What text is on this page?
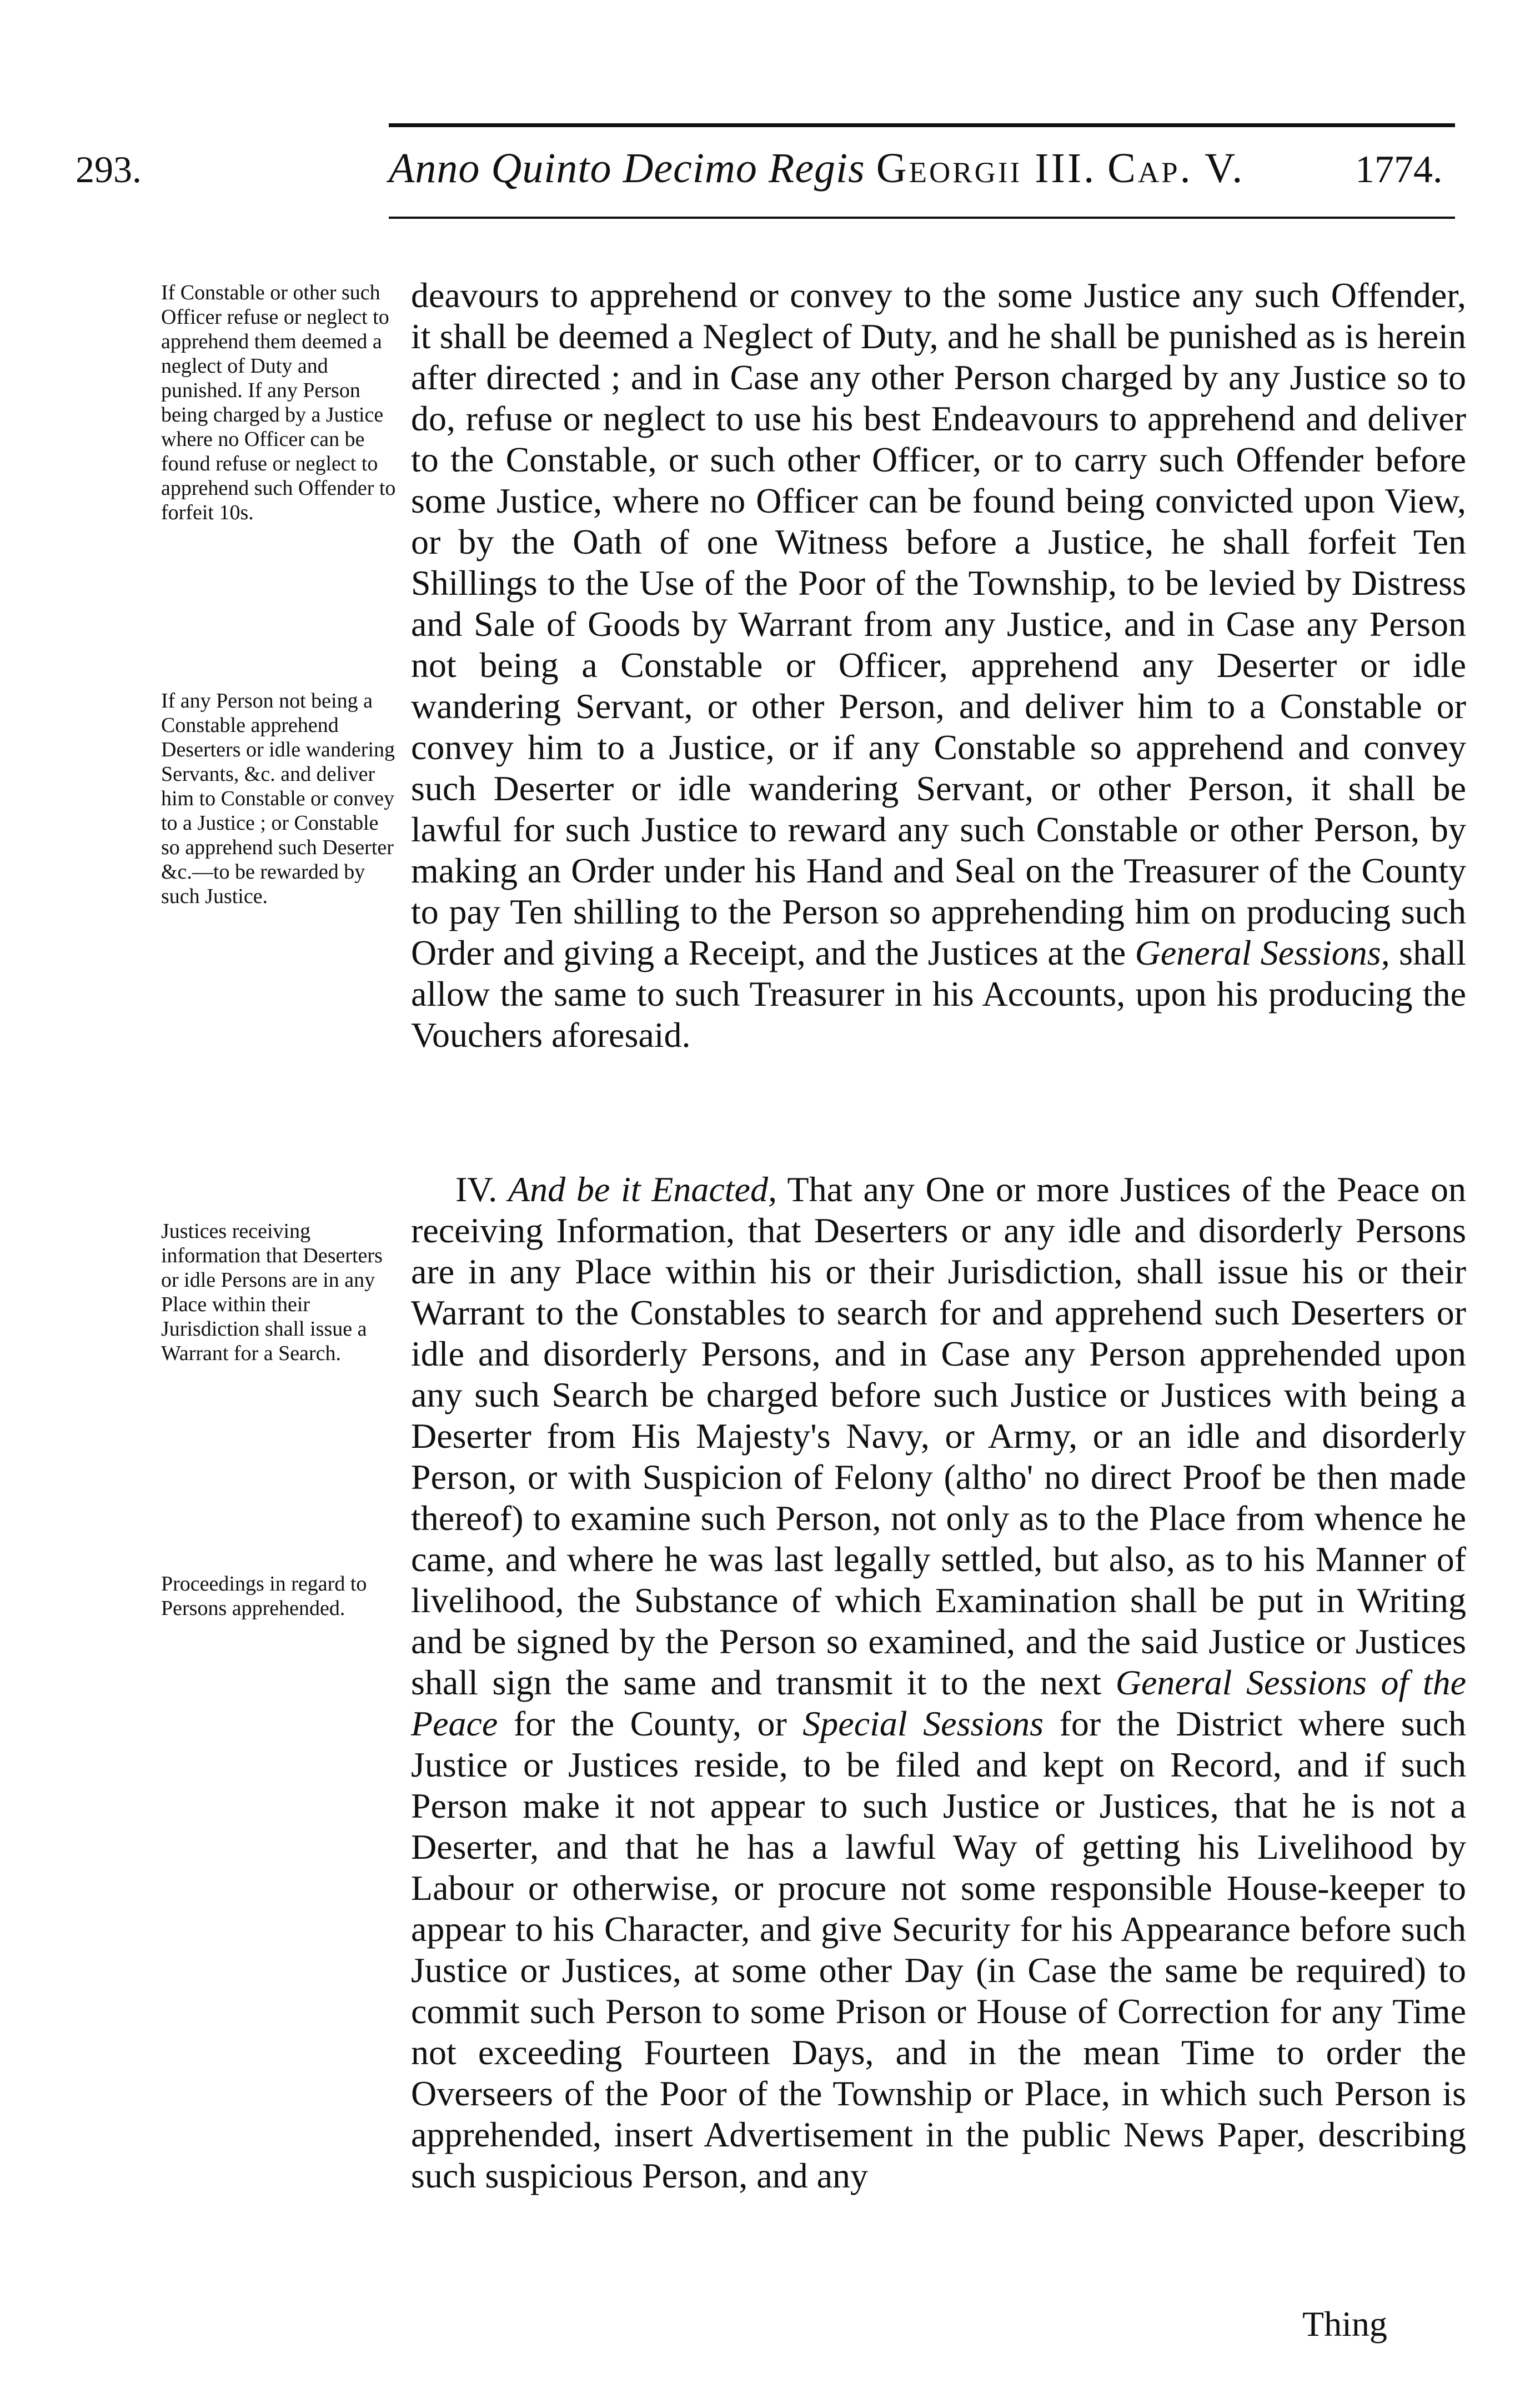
293.	Anno Quinto Decimo Regis Georgii III. Cap. V.	1774.
If Constable or other such Officer refuse or neglect to apprehend them deemed a neglect of Duty and punished. If any Person being charged by a Justice where no Officer can be found refuse or neglect to apprehend such Offender to forfeit 10s.
If any Person not being a Constable apprehend Deserters or idle wandering Servants, &c. and deliver him to Constable or convey to a Justice ; or Constable so apprehend such Deserter &c.—to be rewarded by such Justice.
Justices receiving information that Deserters or idle Persons are in any Place within their Jurisdiction shall issue a Warrant for a Search.
Proceedings in regard to Persons apprehended.
deavours to apprehend or convey to the some Justice any such Offender, it shall be deemed a Neglect of Duty, and he shall be punished as is herein after directed ; and in Case any other Person charged by any Justice so to do, refuse or neglect to use his best Endeavours to apprehend and deliver to the Constable, or such other Officer, or to carry such Offender before some Justice, where no Officer can be found being convicted upon View, or by the Oath of one Witness before a Justice, he shall forfeit Ten Shillings to the Use of the Poor of the Township, to be levied by Distress and Sale of Goods by Warrant from any Justice, and in Case any Person not being a Constable or Officer, apprehend any Deserter or idle wandering Servant, or other Person, and deliver him to a Constable or convey him to a Justice, or if any Constable so apprehend and convey such Deserter or idle wandering Servant, or other Person, it shall be lawful for such Justice to reward any such Constable or other Person, by making an Order under his Hand and Seal on the Treasurer of the County to pay Ten shilling to the Person so apprehending him on producing such Order and giving a Receipt, and the Justices at the General Sessions, shall allow the same to such Treasurer in his Accounts, upon his producing the Vouchers aforesaid.
IV. And be it Enacted, That any One or more Justices of the Peace on receiving Information, that Deserters or any idle and disorderly Persons are in any Place within his or their Jurisdiction, shall issue his or their Warrant to the Constables to search for and apprehend such Deserters or idle and disorderly Persons, and in Case any Person apprehended upon any such Search be charged before such Justice or Justices with being a Deserter from His Majesty's Navy, or Army, or an idle and disorderly Person, or with Suspicion of Felony (altho' no direct Proof be then made thereof) to examine such Person, not only as to the Place from whence he came, and where he was last legally settled, but also, as to his Manner of livelihood, the Substance of which Examination shall be put in Writing and be signed by the Person so examined, and the said Justice or Justices shall sign the same and transmit it to the next General Sessions of the Peace for the County, or Special Sessions for the District where such Justice or Justices reside, to be filed and kept on Record, and if such Person make it not appear to such Justice or Justices, that he is not a Deserter, and that he has a lawful Way of getting his Livelihood by Labour or otherwise, or procure not some responsible House-keeper to appear to his Character, and give Security for his Appearance before such Justice or Justices, at some other Day (in Case the same be required) to commit such Person to some Prison or House of Correction for any Time not exceeding Fourteen Days, and in the mean Time to order the Overseers of the Poor of the Township or Place, in which such Person is apprehended, insert Advertisement in the public News Paper, describing such suspicious Person, and any
Thing
